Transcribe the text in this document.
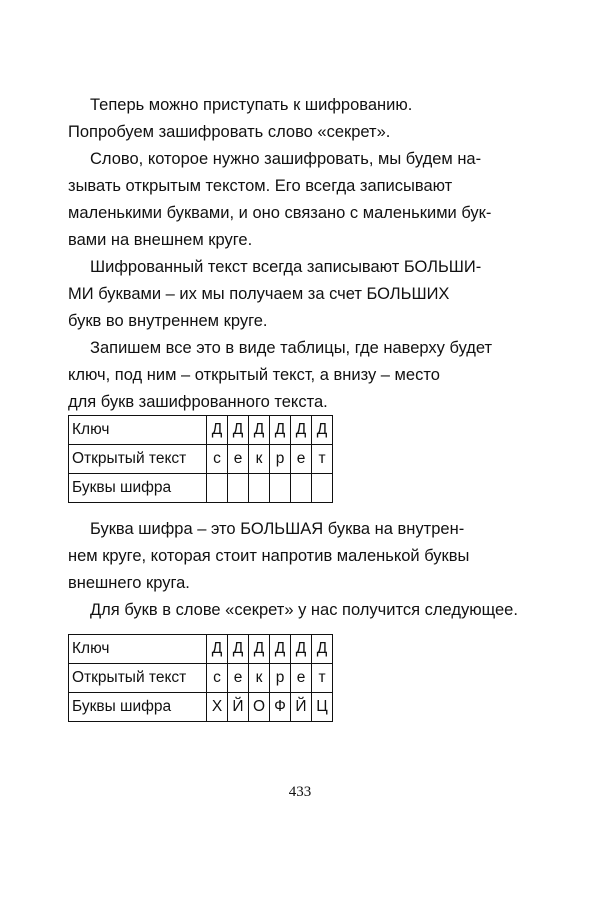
Теперь можно приступать к шифрованию.
Попробуем зашифровать слово «секрет».
Слово, которое нужно зашифровать, мы будем на-
зывать открытым текстом. Его всегда записывают
маленькими буквами, и оно связано с маленькими бук-
вами на внешнем круге.
Шифрованный текст всегда записывают БОЛЬШИ-
МИ буквами – их мы получаем за счет БОЛЬШИХ
букв во внутреннем круге.
Запишем все это в виде таблицы, где наверху будет
ключ, под ним – открытый текст, а внизу – место
для букв зашифрованного текста.
Ключ	Д	Д	Д	Д	Д	Д
Открытый текст	с	е	к	р	е	т
Буквы шифра						
Буква шифра – это БОЛЬШАЯ буква на внутрен-
нем круге, которая стоит напротив маленькой буквы
внешнего круга.
Для букв в слове «секрет» у нас получится следующее.
Ключ	Д	Д	Д	Д	Д	Д
Открытый текст	с	е	к	р	е	т
Буквы шифра	Х	Й	О	Ф	Й	Ц
433
